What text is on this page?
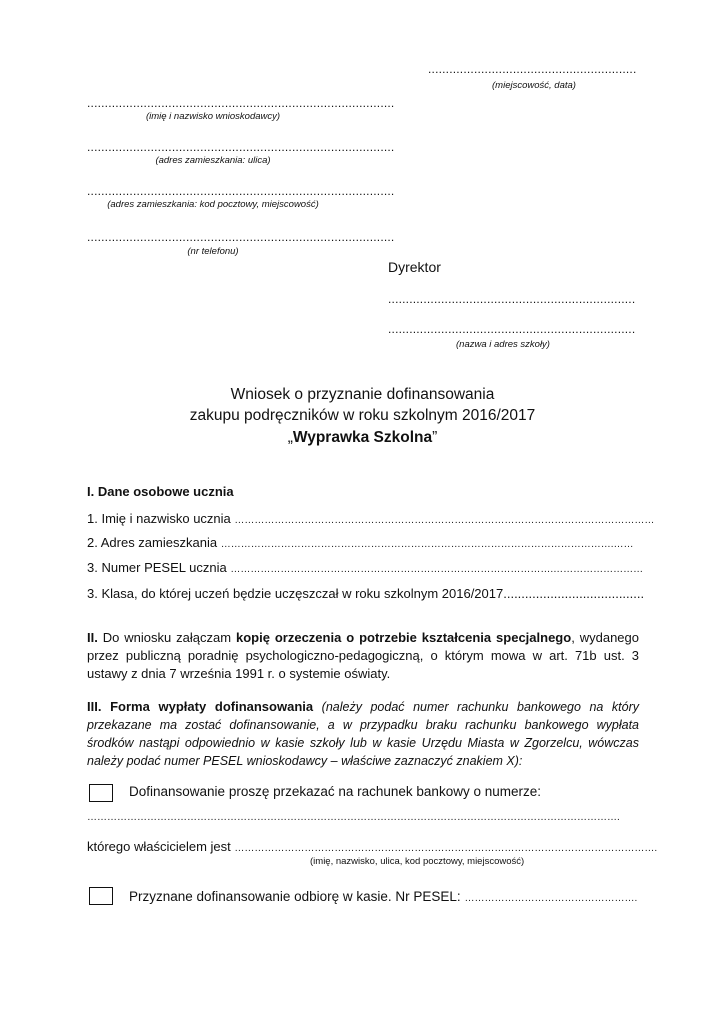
...........................................................
(miejscowość, data)
.......................................................................................
(imię i nazwisko wnioskodawcy)
.......................................................................................
(adres zamieszkania: ulica)
.......................................................................................
(adres zamieszkania: kod pocztowy, miejscowość)
.......................................................................................
(nr telefonu)
Dyrektor
......................................................................
......................................................................
(nazwa i adres szkoły)
Wniosek o przyznanie dofinansowania
zakupu podręczników w roku szkolnym 2016/2017
„Wyprawka Szkolna”
I. Dane osobowe ucznia
1. Imię i nazwisko ucznia ………………………………………………………………………………………………………………
2. Adres zamieszkania ……………………………………………………………………………………………………….……
3. Numer PESEL ucznia …………………………………………………………………………………….………………………
3. Klasa, do której uczeń będzie uczęszczał w roku szkolnym 2016/2017.......................................
II. Do wniosku załączam kopię orzeczenia o potrzebie kształcenia specjalnego, wydanego przez publiczną poradnię psychologiczno-pedagogiczną, o którym mowa w art. 71b ust. 3 ustawy z dnia 7 września 1991 r. o systemie oświaty.
III. Forma wypłaty dofinansowania (należy podać numer rachunku bankowego na który przekazane ma zostać dofinansowanie, a w przypadku braku rachunku bankowego wypłata środków nastąpi odpowiednio w kasie szkoły lub w kasie Urzędu Miasta w Zgorzelcu, wówczas należy podać numer PESEL wnioskodawcy – właściwe zaznaczyć znakiem X):
Dofinansowanie proszę przekazać na rachunek bankowy o numerze:
…………………………………………………………………………………………………………………………………………….
którego właścicielem jest ……………………………………………………………………………………………………………….
(imię, nazwisko, ulica, kod pocztowy, miejscowość)
Przyznane dofinansowanie odbiorę w kasie. Nr PESEL: …………………………………………….
